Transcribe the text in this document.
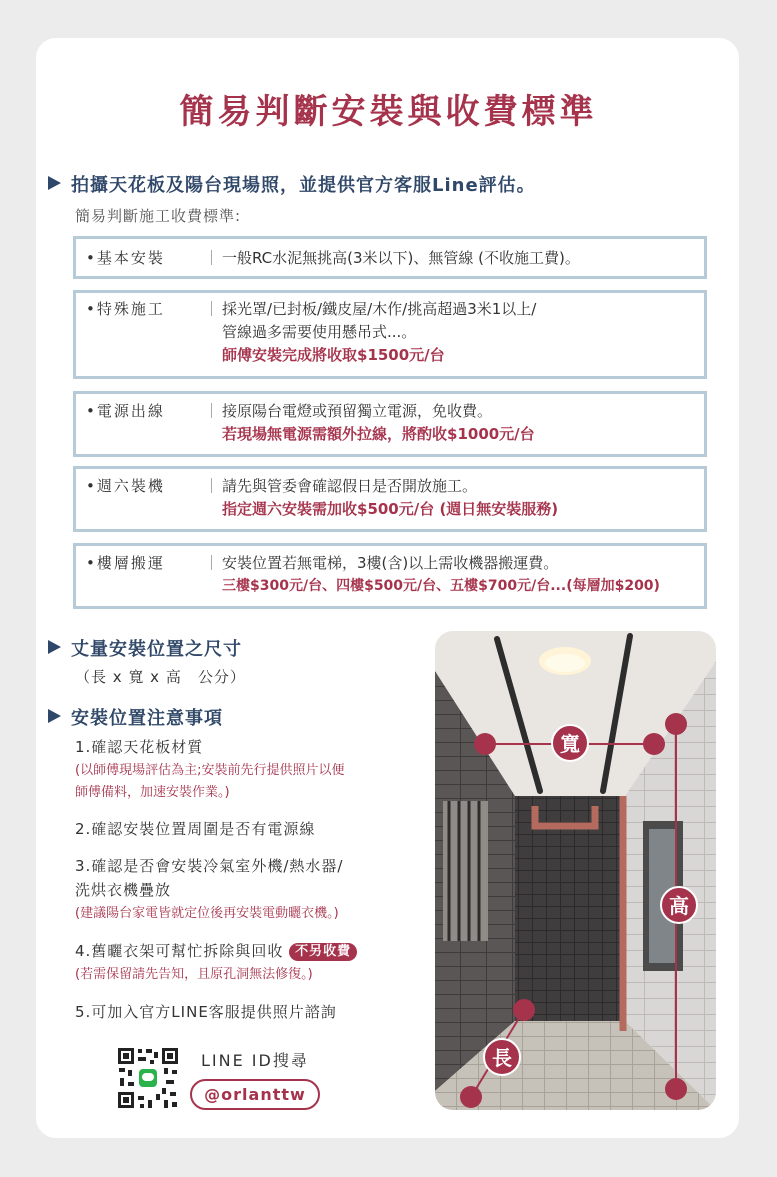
簡易判斷安裝與收費標準
拍攝天花板及陽台現場照，並提供官方客服Line評估。
簡易判斷施工收費標準:
•基本安裝	｜ 一般RC水泥無挑高(3米以下)、無管線 (不收施工費)。
•特殊施工	｜ 採光罩/已封板/鐵皮屋/木作/挑高超過3米1以上/
管線過多需要使用懸吊式...。
師傅安裝完成將收取$1500元/台
•電源出線	｜ 接原陽台電燈或預留獨立電源，免收費。
若現場無電源需額外拉線，將酌收$1000元/台
•週六裝機	｜ 請先與管委會確認假日是否開放施工。
指定週六安裝需加收$500元/台 (週日無安裝服務)
•樓層搬運	｜ 安裝位置若無電梯，3樓(含)以上需收機器搬運費。
三樓$300元/台、四樓$500元/台、五樓$700元/台...(每層加$200)
丈量安裝位置之尺寸
（長 x 寬 x 高　公分）
安裝位置注意事項
1.確認天花板材質
(以師傅現場評估為主;安裝前先行提供照片以便
師傅備料，加速安裝作業。)
2.確認安裝位置周圍是否有電源線
3.確認是否會安裝冷氣室外機/熱水器/
洗烘衣機疊放
(建議陽台家電皆就定位後再安裝電動曬衣機。)
4.舊曬衣架可幫忙拆除與回收 不另收費
(若需保留請先告知，且原孔洞無法修復。)
5.可加入官方LINE客服提供照片諮詢
LINE ID搜尋
@orlanttw
寬
高
長
